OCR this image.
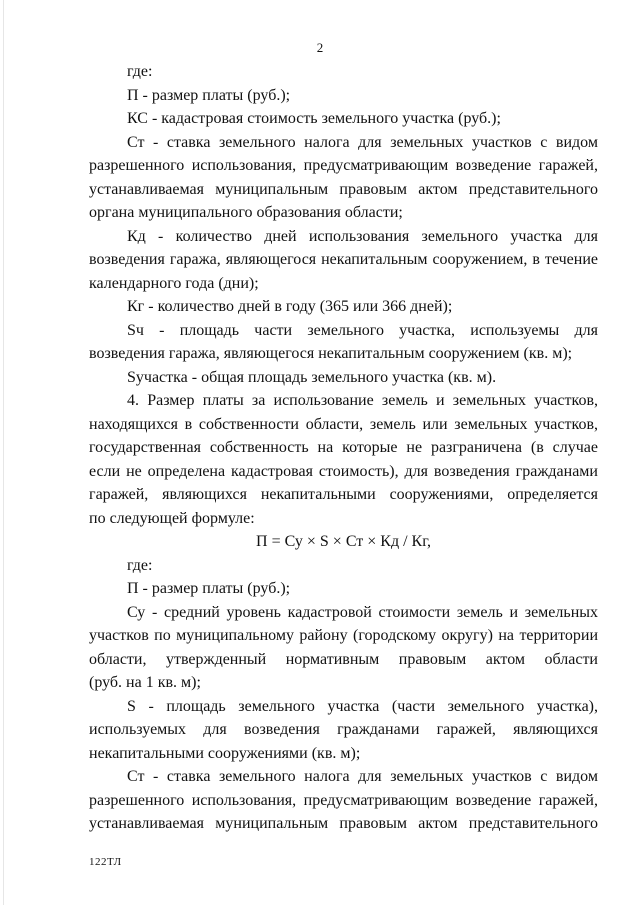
2
где:
П - размер платы (руб.);
КС - кадастровая стоимость земельного участка (руб.);
Ст - ставка земельного налога для земельных участков с видом
разрешенного использования, предусматривающим возведение гаражей,
устанавливаемая муниципальным правовым актом представительного
органа муниципального образования области;
Кд - количество дней использования земельного участка для
возведения гаража, являющегося некапитальным сооружением, в течение
календарного года (дни);
Кг - количество дней в году (365 или 366 дней);
Sч - площадь части земельного участка, используемы для
возведения гаража, являющегося некапитальным сооружением (кв. м);
Sучастка - общая площадь земельного участка (кв. м).
4. Размер платы за использование земель и земельных участков,
находящихся в собственности области, земель или земельных участков,
государственная собственность на которые не разграничена (в случае
если не определена кадастровая стоимость), для возведения гражданами
гаражей, являющихся некапитальными сооружениями, определяется
по следующей формуле:
П = Су × S × Ст × Кд / Кг,
где:
П - размер платы (руб.);
Су - средний уровень кадастровой стоимости земель и земельных
участков по муниципальному району (городскому округу) на территории
области, утвержденный нормативным правовым актом области
(руб. на 1 кв. м);
S - площадь земельного участка (части земельного участка),
используемых для возведения гражданами гаражей, являющихся
некапитальными сооружениями (кв. м);
Ст - ставка земельного налога для земельных участков с видом
разрешенного использования, предусматривающим возведение гаражей,
устанавливаемая муниципальным правовым актом представительного
122ТЛ
